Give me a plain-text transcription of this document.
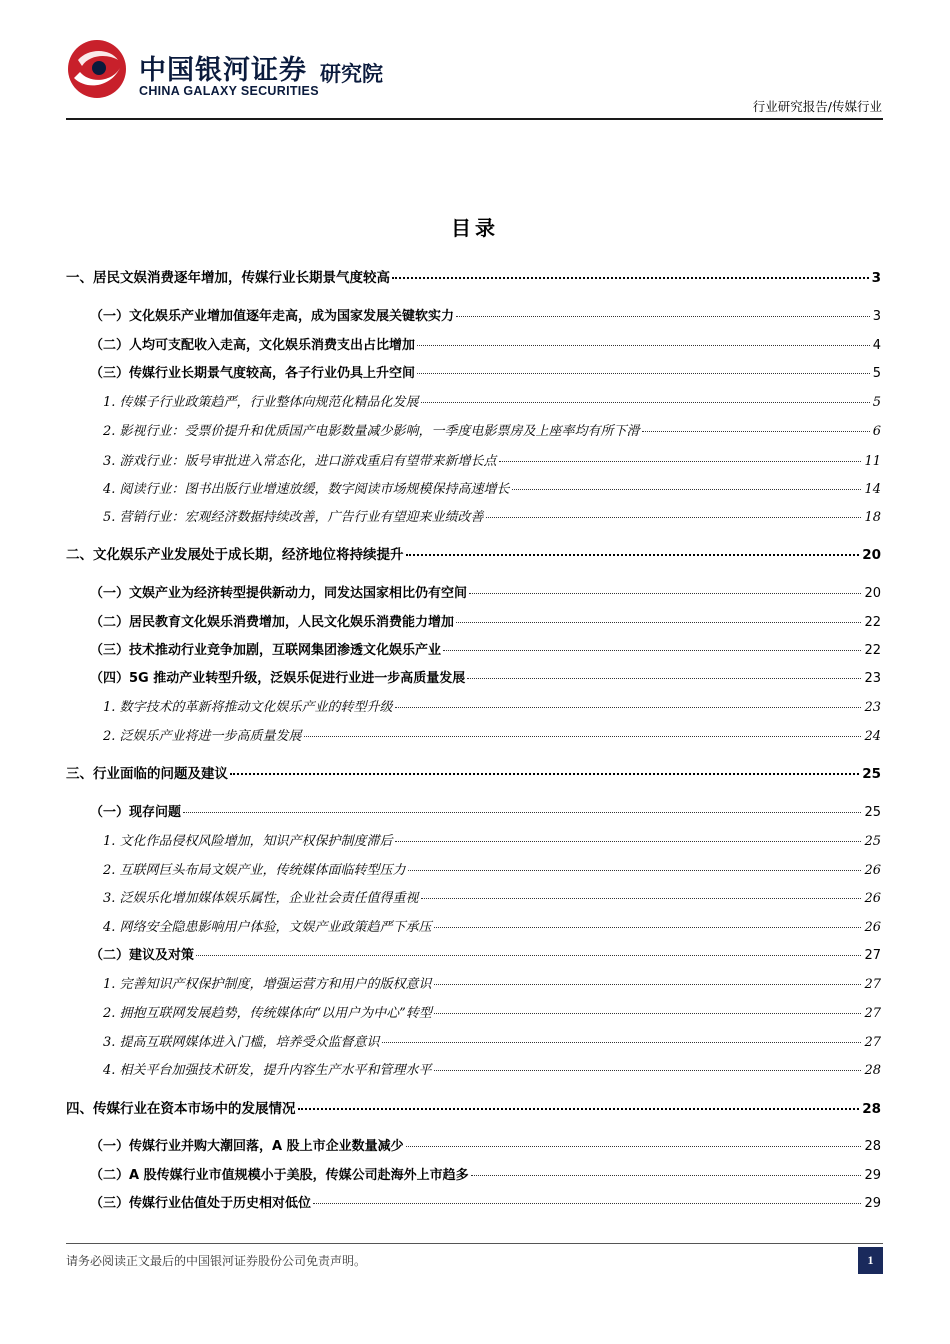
中国银河证券
CHINA GALAXY SECURITIES
研究院
行业研究报告/传媒行业
目录
一、居民文娱消费逐年增加，传媒行业长期景气度较高	3
（一）文化娱乐产业增加值逐年走高，成为国家发展关键软实力	3
（二）人均可支配收入走高，文化娱乐消费支出占比增加	4
（三）传媒行业长期景气度较高，各子行业仍具上升空间	5
1. 传媒子行业政策趋严，行业整体向规范化精品化发展	5
2. 影视行业：受票价提升和优质国产电影数量减少影响，一季度电影票房及上座率均有所下滑	6
3. 游戏行业：版号审批进入常态化，进口游戏重启有望带来新增长点	11
4. 阅读行业：图书出版行业增速放缓，数字阅读市场规模保持高速增长	14
5. 营销行业：宏观经济数据持续改善，广告行业有望迎来业绩改善	18
二、文化娱乐产业发展处于成长期，经济地位将持续提升	20
（一）文娱产业为经济转型提供新动力，同发达国家相比仍有空间	20
（二）居民教育文化娱乐消费增加，人民文化娱乐消费能力增加	22
（三）技术推动行业竞争加剧，互联网集团渗透文化娱乐产业	22
（四）5G 推动产业转型升级，泛娱乐促进行业进一步高质量发展	23
1. 数字技术的革新将推动文化娱乐产业的转型升级	23
2. 泛娱乐产业将进一步高质量发展	24
三、行业面临的问题及建议	25
（一）现存问题	25
1. 文化作品侵权风险增加，知识产权保护制度滞后	25
2. 互联网巨头布局文娱产业，传统媒体面临转型压力	26
3. 泛娱乐化增加媒体娱乐属性，企业社会责任值得重视	26
4. 网络安全隐患影响用户体验，文娱产业政策趋严下承压	26
（二）建议及对策	27
1. 完善知识产权保护制度，增强运营方和用户的版权意识	27
2. 拥抱互联网发展趋势，传统媒体向“以用户为中心”转型	27
3. 提高互联网媒体进入门槛，培养受众监督意识	27
4. 相关平台加强技术研发，提升内容生产水平和管理水平	28
四、传媒行业在资本市场中的发展情况	28
（一）传媒行业并购大潮回落，A 股上市企业数量减少	28
（二）A 股传媒行业市值规模小于美股，传媒公司赴海外上市趋多	29
（三）传媒行业估值处于历史相对低位	29
请务必阅读正文最后的中国银河证券股份公司免责声明。	1
